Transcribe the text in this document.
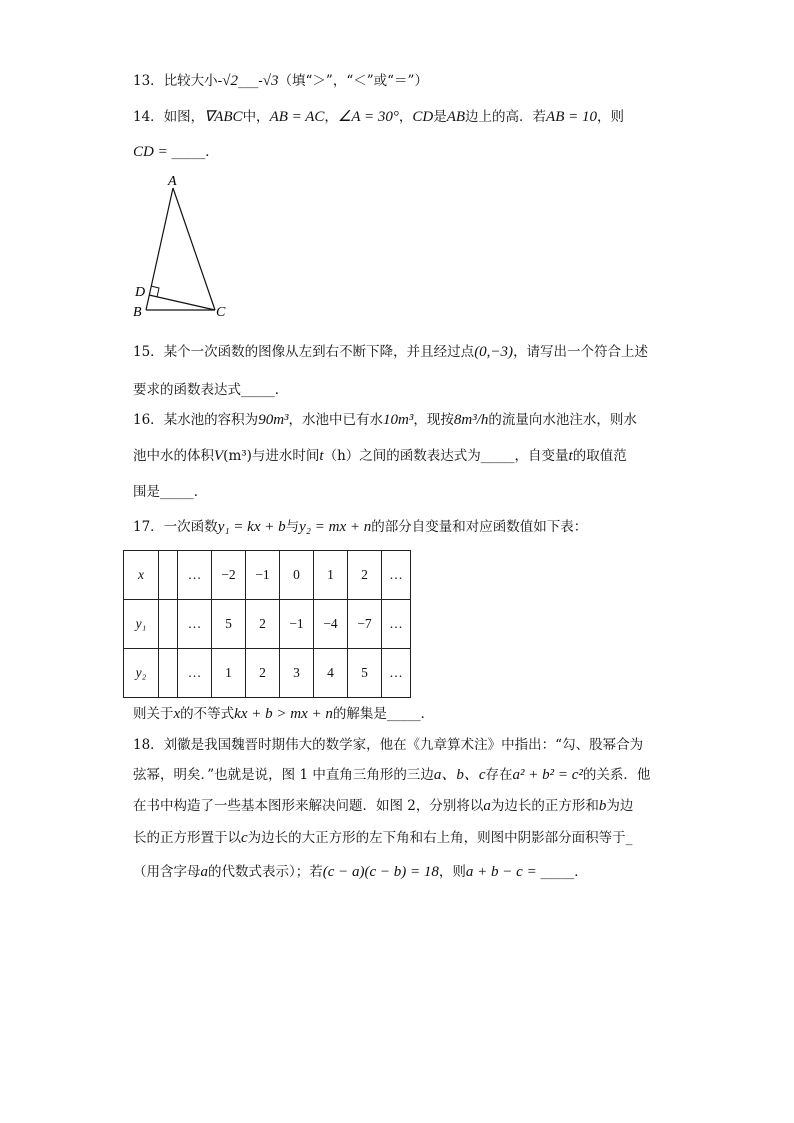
13．比较大小-√2___-√3（填“＞”，“＜”或“＝”）
14．如图，∇ABC中，AB = AC，∠A = 30°，CD是AB边上的高．若AB = 10，则
CD = _____．
A
D
B	C
15．某个一次函数的图像从左到右不断下降，并且经过点(0,−3)，请写出一个符合上述
要求的函数表达式_____．
16．某水池的容积为90m³，水池中已有水10m³，现按8m³/h的流量向水池注水，则水
池中水的体积V(m³)与进水时间t（h）之间的函数表达式为_____，自变量t的取值范
围是_____．
17．一次函数y₁ = kx + b与y₂ = mx + n的部分自变量和对应函数值如下表：
x		…	−2	−1	0	1	2	…
y₁		…	5	2	−1	−4	−7	…
y₂		…	1	2	3	4	5	…
则关于x的不等式kx + b > mx + n的解集是_____．
18．刘徽是我国魏晋时期伟大的数学家，他在《九章算术注》中指出：“勾、股幂合为
弦幂，明矣．”也就是说，图 1 中直角三角形的三边a、b、c存在a² + b² = c²的关系．他
在书中构造了一些基本图形来解决问题．如图 2，分别将以a为边长的正方形和b为边
长的正方形置于以c为边长的大正方形的左下角和右上角，则图中阴影部分面积等于_
（用含字母a的代数式表示）；若(c − a)(c − b) = 18，则a + b − c = _____．
